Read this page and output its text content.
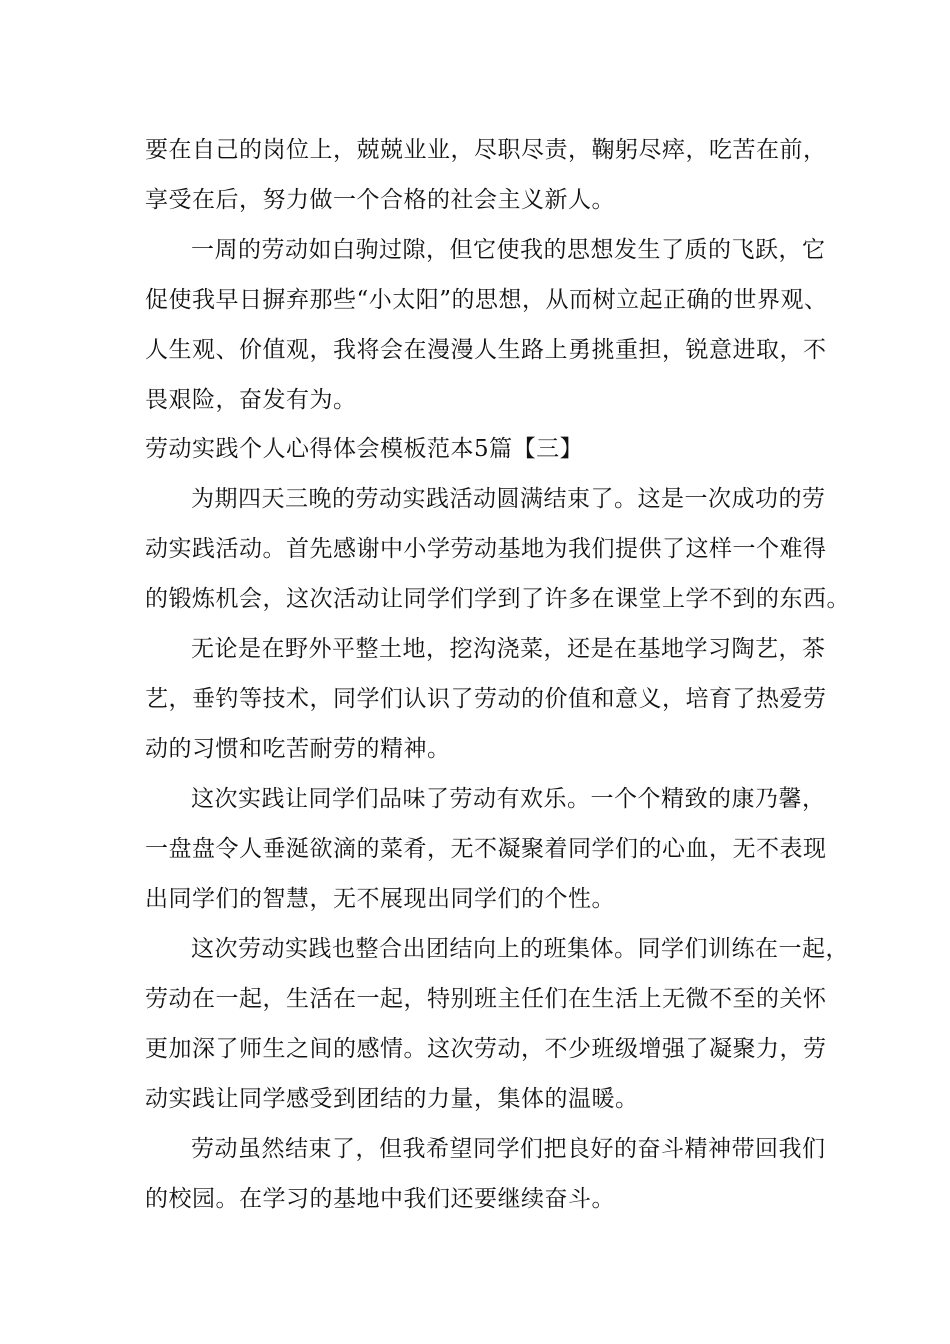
要在自己的岗位上，兢兢业业，尽职尽责，鞠躬尽瘁，吃苦在前，
享受在后，努力做一个合格的社会主义新人。
一周的劳动如白驹过隙，但它使我的思想发生了质的飞跃，它
促使我早日摒弃那些“小太阳”的思想，从而树立起正确的世界观、
人生观、价值观，我将会在漫漫人生路上勇挑重担，锐意进取，不
畏艰险，奋发有为。
劳动实践个人心得体会模板范本5篇【三】
为期四天三晚的劳动实践活动圆满结束了。这是一次成功的劳
动实践活动。首先感谢中小学劳动基地为我们提供了这样一个难得
的锻炼机会，这次活动让同学们学到了许多在课堂上学不到的东西。
无论是在野外平整土地，挖沟浇菜，还是在基地学习陶艺，茶
艺，垂钓等技术，同学们认识了劳动的价值和意义，培育了热爱劳
动的习惯和吃苦耐劳的精神。
这次实践让同学们品味了劳动有欢乐。一个个精致的康乃馨，
一盘盘令人垂涎欲滴的菜肴，无不凝聚着同学们的心血，无不表现
出同学们的智慧，无不展现出同学们的个性。
这次劳动实践也整合出团结向上的班集体。同学们训练在一起，
劳动在一起，生活在一起，特别班主任们在生活上无微不至的关怀
更加深了师生之间的感情。这次劳动，不少班级增强了凝聚力，劳
动实践让同学感受到团结的力量，集体的温暖。
劳动虽然结束了，但我希望同学们把良好的奋斗精神带回我们
的校园。在学习的基地中我们还要继续奋斗。
